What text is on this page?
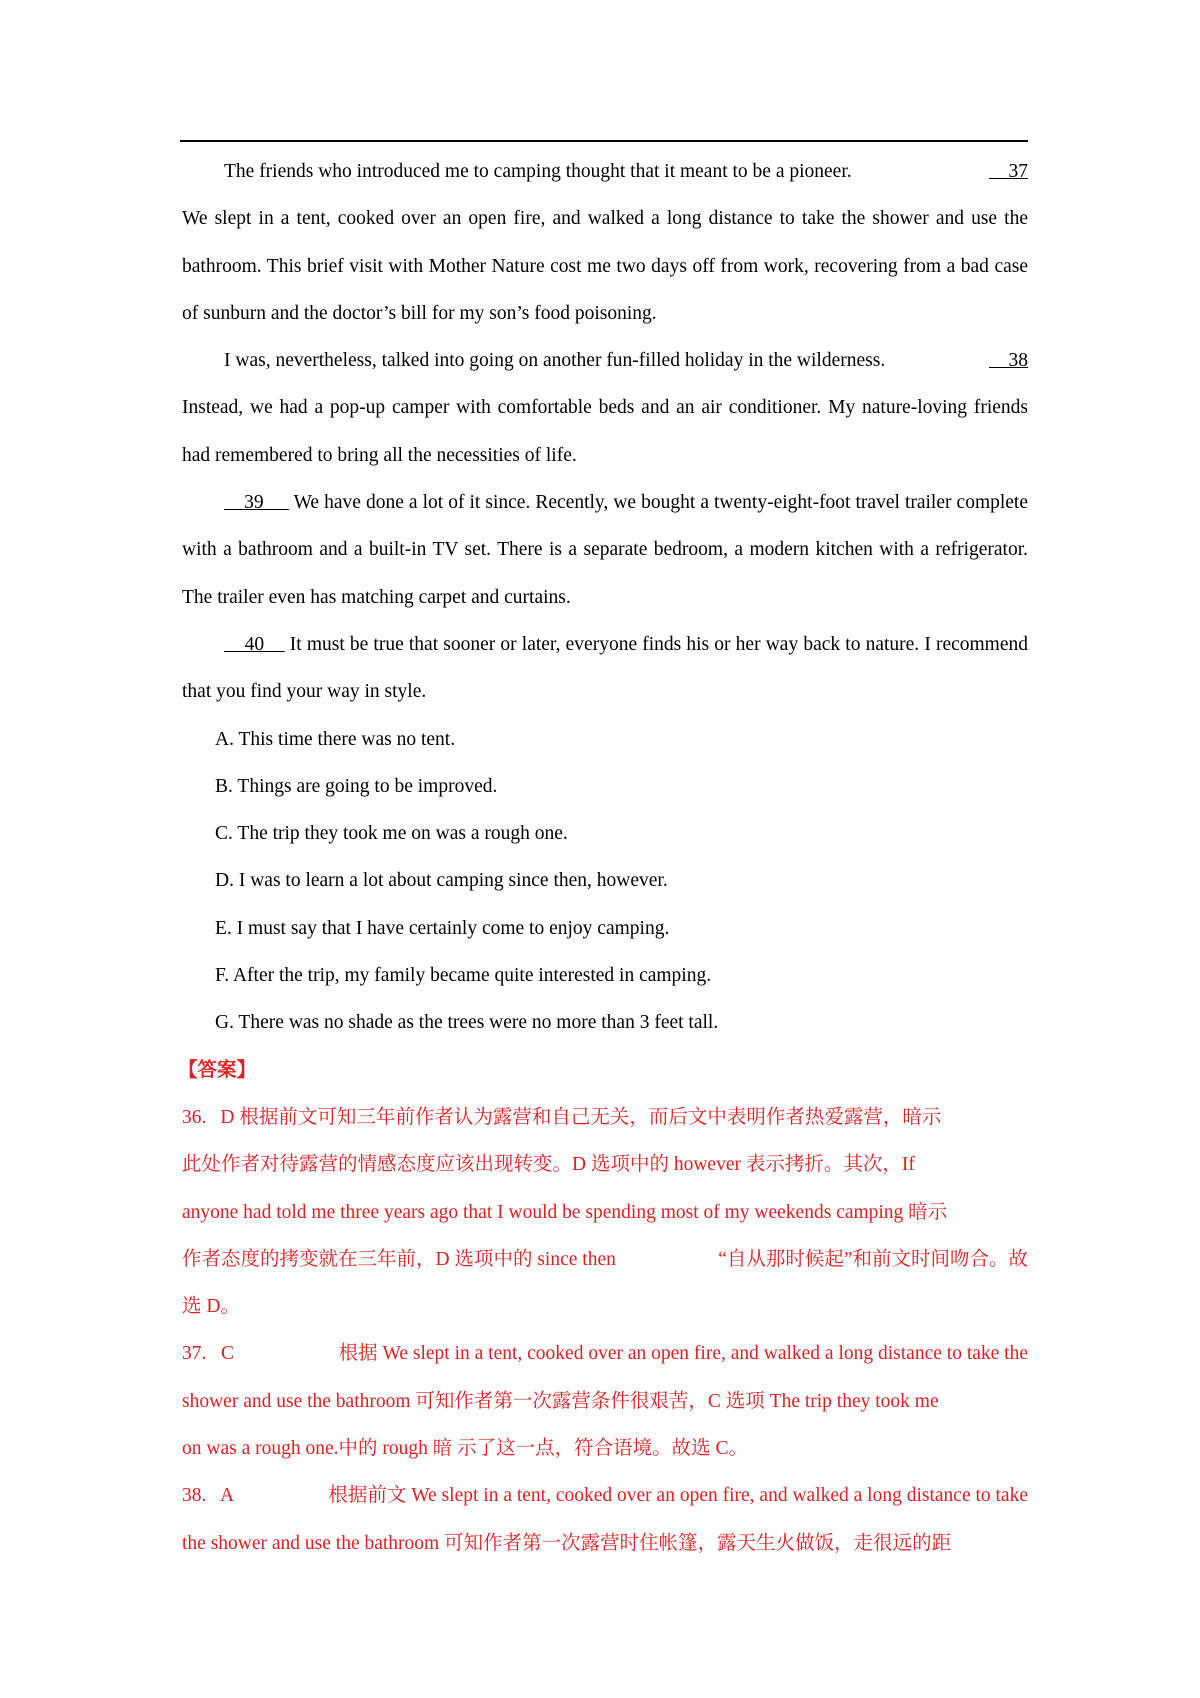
The friends who introduced me to camping thought that it meant to be a pioneer.	37

We slept in a tent, cooked over an open fire, and walked a long distance to take the shower and use the bathroom. This brief visit with Mother Nature cost me two days off from work, recovering from a bad case of sunburn and the doctor’s bill for my son’s food poisoning.

I was, nevertheless, talked into going on another fun-filled holiday in the wilderness.	38

Instead, we had a pop-up camper with comfortable beds and an air conditioner. My nature-loving friends had remembered to bring all the necessities of life.

39 We have done a lot of it since. Recently, we bought a twenty-eight-foot travel trailer complete with a bathroom and a built-in TV set. There is a separate bedroom, a modern kitchen with a refrigerator. The trailer even has matching carpet and curtains.

40 It must be true that sooner or later, everyone finds his or her way back to nature. I recommend that you find your way in style.

A. This time there was no tent.

B. Things are going to be improved.

C. The trip they took me on was a rough one.

D. I was to learn a lot about camping since then, however.

E. I must say that I have certainly come to enjoy camping.

F. After the trip, my family became quite interested in camping.

G. There was no shade as the trees were no more than 3 feet tall.

【答案】

36. D 根据前文可知三年前作者认为露营和自己无关，而后文中表明作者热爱露营，暗示
此处作者对待露营的情感态度应该出现转变。D 选项中的 however 表示拷折。其次，If
anyone had told me three years ago that I would be spending most of my weekends camping 暗示
作者态度的拷变就在三年前，D 选项中的 since then	“自从那时候起”和前文时间吻合。故

选 D。

37. C	根据 We slept in a tent, cooked over an open fire, and walked a long distance to take the
shower and use the bathroom 可知作者第一次露营条件很艰苦，C 选项 The trip they took me

on was a rough one.中的 rough 暗 示了这一点，符合语境。故选 C。

38. A	根据前文 We slept in a tent, cooked over an open fire, and walked a long distance to take
the shower and use the bathroom 可知作者第一次露营时住帐篷，露天生火做饭，走很远的距
